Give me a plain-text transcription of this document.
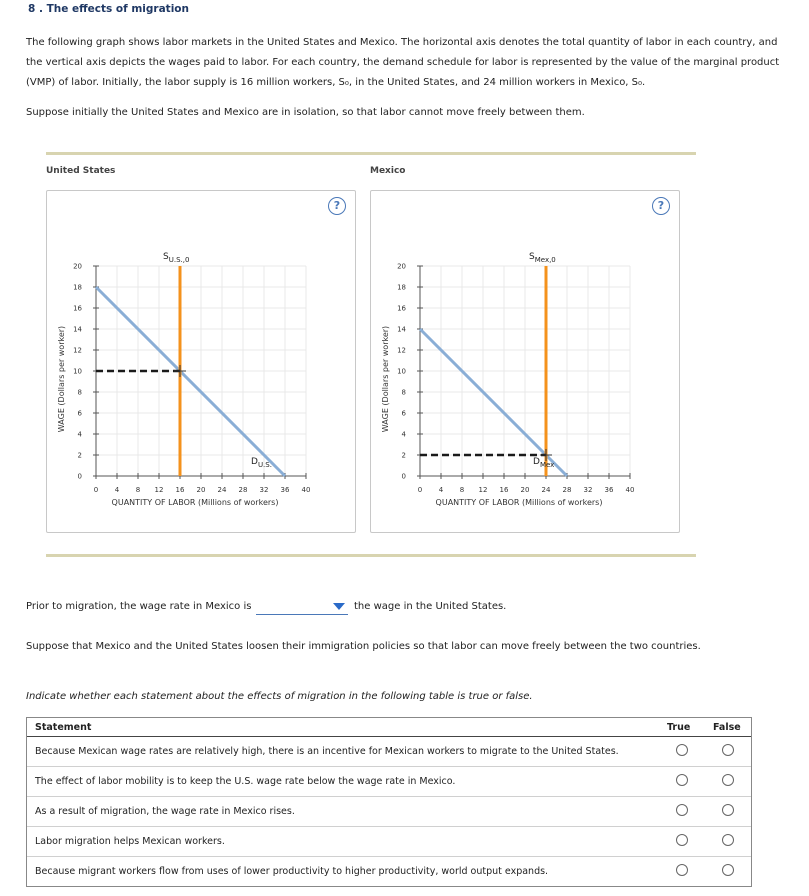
8 . The effects of migration
The following graph shows labor markets in the United States and Mexico. The horizontal axis denotes the total quantity of labor in each country, and
the vertical axis depicts the wages paid to labor. For each country, the demand schedule for labor is represented by the value of the marginal product
(VMP) of labor. Initially, the labor supply is 16 million workers, S₀, in the United States, and 24 million workers in Mexico, S₀.
Suppose initially the United States and Mexico are in isolation, so that labor cannot move freely between them.
United States	Mexico
?
0 4 8 12 16 20 24 28 32 36 40
0
2
4
6
8
10
12
14
16
18
20
QUANTITY OF LABOR (Millions of workers)
WAGE (Dollars per worker)
$S_{U.S.,0}$
$D_{U.S.}$
?
0 4 8 12 16 20 24 28 32 36 40
0
2
4
6
8
10
12
14
16
18
20
QUANTITY OF LABOR (Millions of workers)
WAGE (Dollars per worker)
$S_{Mex,0}$
$D_{Mex}$
Prior to migration, the wage rate in Mexico is	the wage in the United States.
Suppose that Mexico and the United States loosen their immigration policies so that labor can move freely between the two countries.
Indicate whether each statement about the effects of migration in the following table is true or false.
Statement	True	False
Because Mexican wage rates are relatively high, there is an incentive for Mexican workers to migrate to the United States.		
The effect of labor mobility is to keep the U.S. wage rate below the wage rate in Mexico.		
As a result of migration, the wage rate in Mexico rises.		
Labor migration helps Mexican workers.		
Because migrant workers flow from uses of lower productivity to higher productivity, world output expands.		
